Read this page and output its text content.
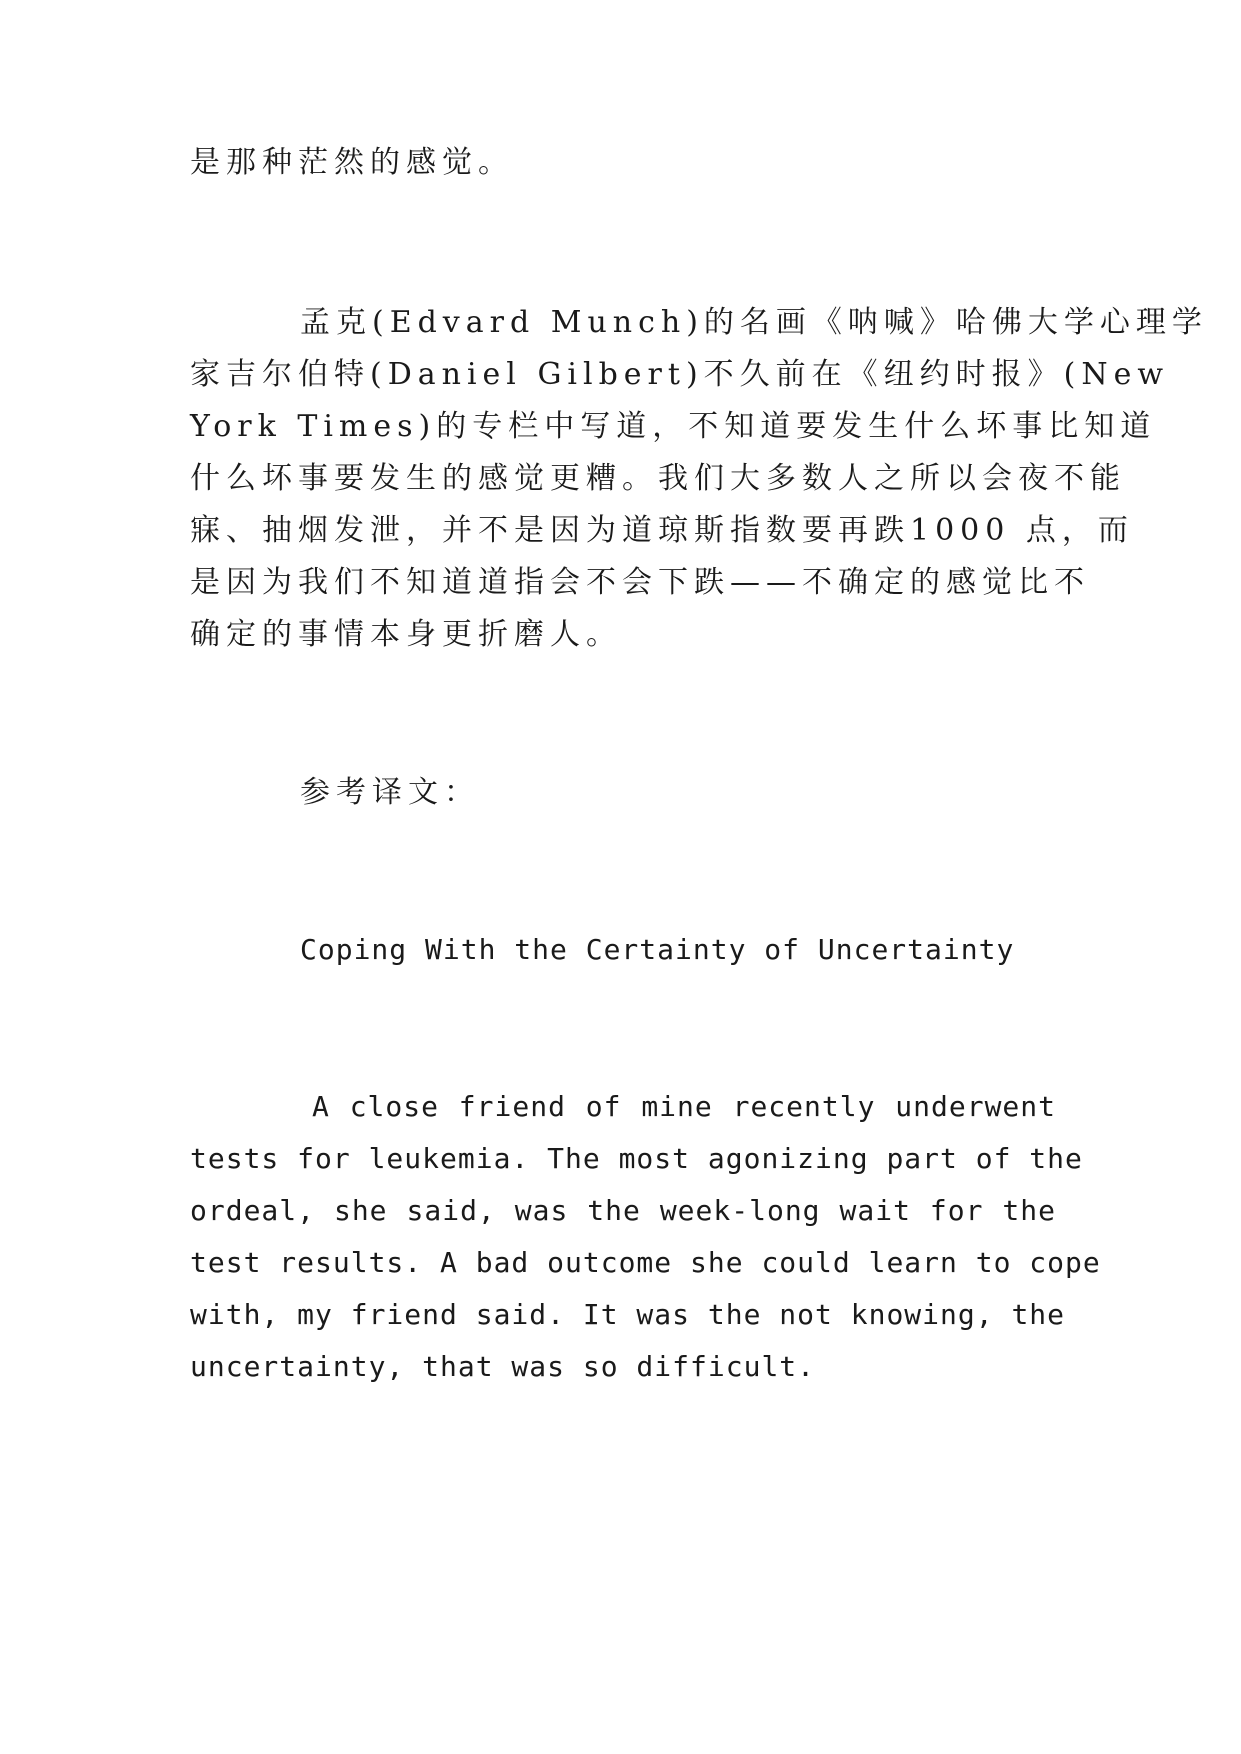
是那种茫然的感觉。
孟克(Edvard Munch)的名画《呐喊》哈佛大学心理学
家吉尔伯特(Daniel Gilbert)不久前在《纽约时报》(New
York Times)的专栏中写道，不知道要发生什么坏事比知道
什么坏事要发生的感觉更糟。我们大多数人之所以会夜不能
寐、抽烟发泄，并不是因为道琼斯指数要再跌1000 点，而
是因为我们不知道道指会不会下跌——不确定的感觉比不
确定的事情本身更折磨人。
参考译文：
Coping With the Certainty of Uncertainty
A close friend of mine recently underwent
tests for leukemia. The most agonizing part of the
ordeal, she said, was the week-long wait for the
test results. A bad outcome she could learn to cope
with, my friend said. It was the not knowing, the
uncertainty, that was so difficult.
